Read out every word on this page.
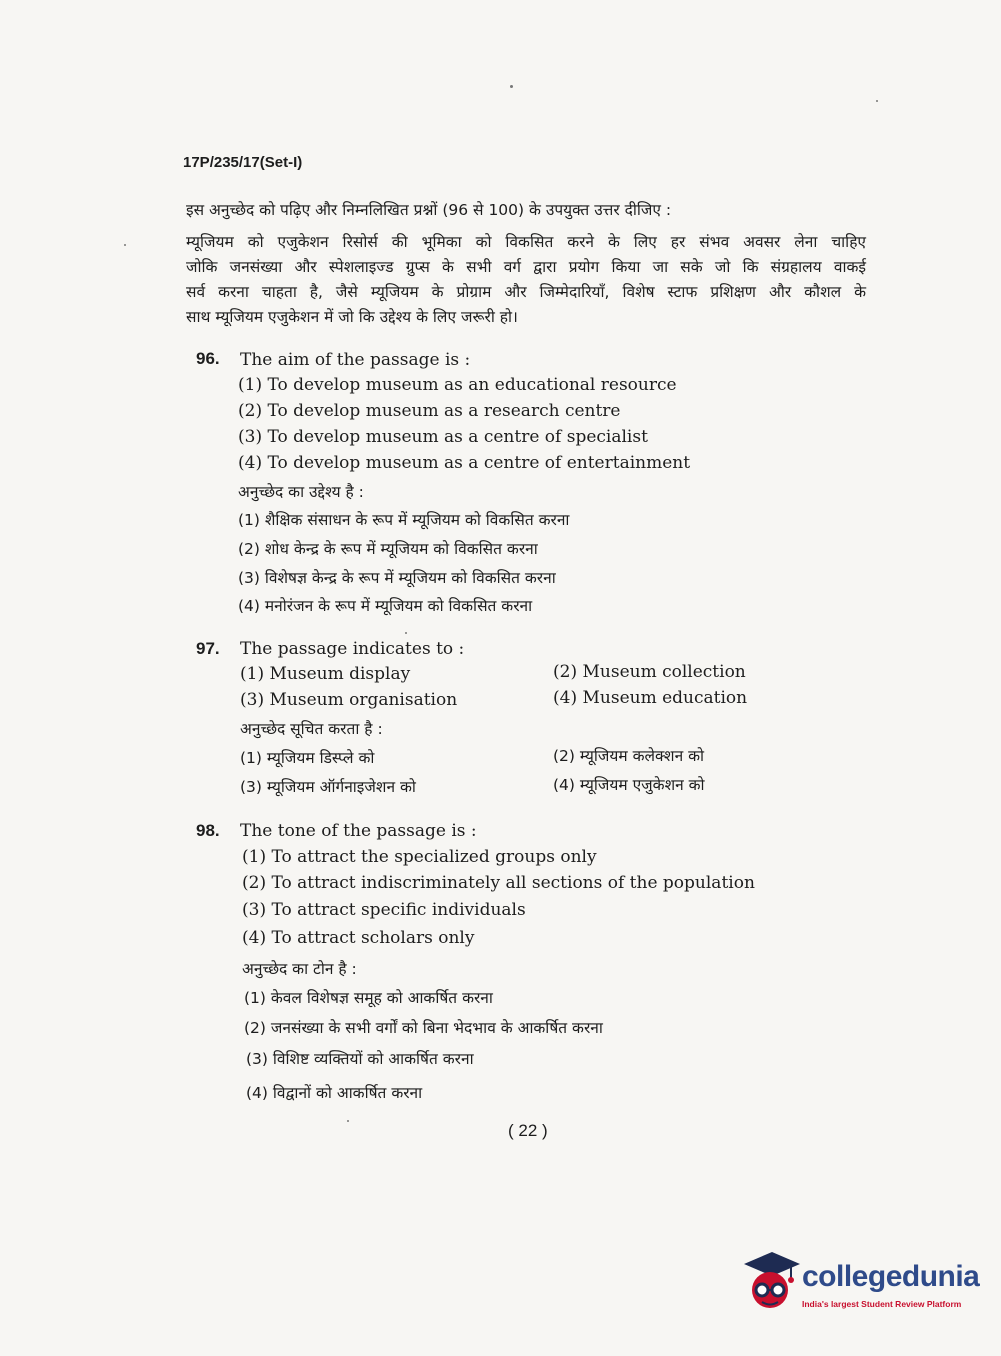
17P/235/17(Set-I)
इस अनुच्छेद को पढ़िए और निम्नलिखित प्रश्नों (96 से 100) के उपयुक्त उत्तर दीजिए :
म्यूजियम को एजुकेशन रिसोर्स की भूमिका को विकसित करने के लिए हर संभव अवसर लेना चाहिए
जोकि जनसंख्या और स्पेशलाइज्ड ग्रुप्स के सभी वर्ग द्वारा प्रयोग किया जा सके जो कि संग्रहालय वाकई
सर्व करना चाहता है, जैसे म्यूजियम के प्रोग्राम और जिम्मेदारियाँ, विशेष स्टाफ प्रशिक्षण और कौशल के
साथ म्यूजियम एजुकेशन में जो कि उद्देश्य के लिए जरूरी हो।
96. The aim of the passage is :
(1) To develop museum as an educational resource
(2) To develop museum as a research centre
(3) To develop museum as a centre of specialist
(4) To develop museum as a centre of entertainment
अनुच्छेद का उद्देश्य है :
(1) शैक्षिक संसाधन के रूप में म्यूजियम को विकसित करना
(2) शोध केन्द्र के रूप में म्यूजियम को विकसित करना
(3) विशेषज्ञ केन्द्र के रूप में म्यूजियम को विकसित करना
(4) मनोरंजन के रूप में म्यूजियम को विकसित करना
97. The passage indicates to :
(1) Museum display	(2) Museum collection
(3) Museum organisation	(4) Museum education
अनुच्छेद सूचित करता है :
(1) म्यूजियम डिस्प्ले को	(2) म्यूजियम कलेक्शन को
(3) म्यूजियम ऑर्गनाइजेशन को	(4) म्यूजियम एजुकेशन को
98. The tone of the passage is :
(1) To attract the specialized groups only
(2) To attract indiscriminately all sections of the population
(3) To attract specific individuals
(4) To attract scholars only
अनुच्छेद का टोन है :
(1) केवल विशेषज्ञ समूह को आकर्षित करना
(2) जनसंख्या के सभी वर्गों को बिना भेदभाव के आकर्षित करना
(3) विशिष्ट व्यक्तियों को आकर्षित करना
(4) विद्वानों को आकर्षित करना
( 22 )
collegedunia
India's largest Student Review Platform
